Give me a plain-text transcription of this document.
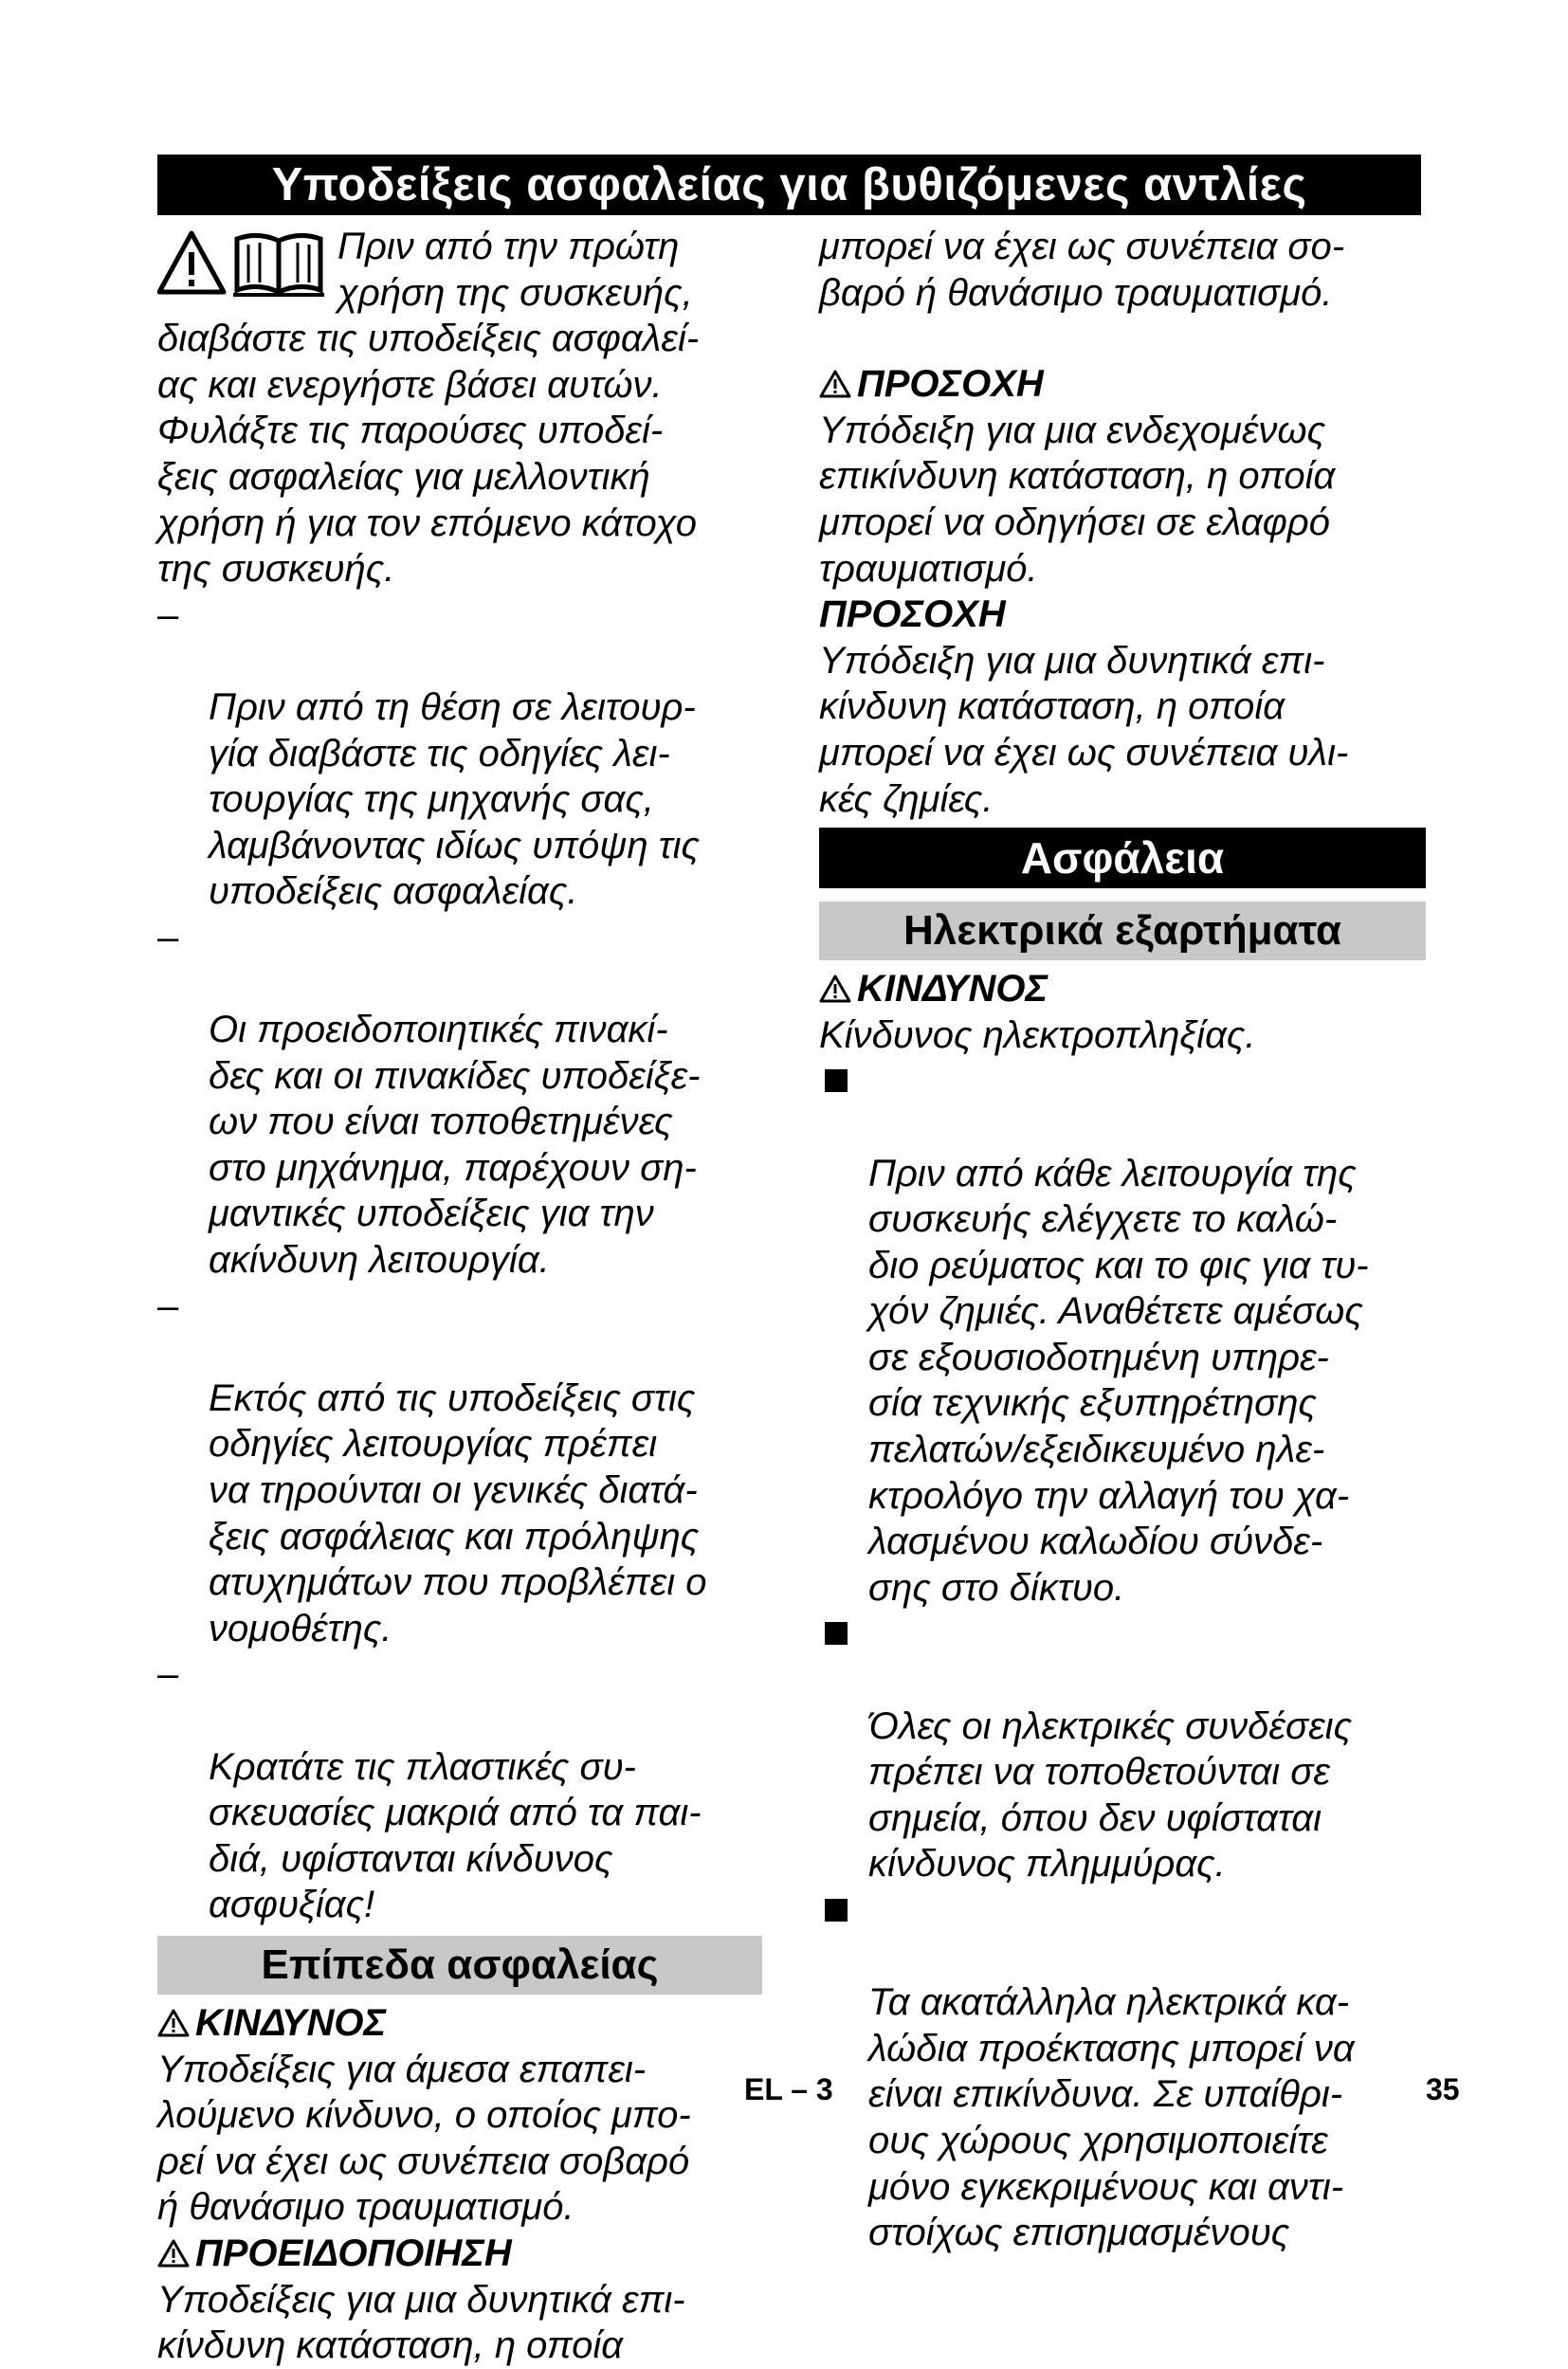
Υποδείξεις ασφαλείας για βυθιζόμενες αντλίες

Πριν από την πρώτη
χρήση της συσκευής,

διαβάστε τις υποδείξεις ασφαλεί-
ας και ενεργήστε βάσει αυτών.
Φυλάξτε τις παρούσες υποδεί-
ξεις ασφαλείας για μελλοντική
χρήση ή για τον επόμενο κάτοχο
της συσκευής.

–

Πριν από τη θέση σε λειτουρ-
γία διαβάστε τις οδηγίες λει-
τουργίας της μηχανής σας,
λαμβάνοντας ιδίως υπόψη τις
υποδείξεις ασφαλείας.

–

Οι προειδοποιητικές πινακί-
δες και οι πινακίδες υποδείξε-
ων που είναι τοποθετημένες
στο μηχάνημα, παρέχουν ση-
μαντικές υποδείξεις για την
ακίνδυνη λειτουργία.

–

Εκτός από τις υποδείξεις στις
οδηγίες λειτουργίας πρέπει
να τηρούνται οι γενικές διατά-
ξεις ασφάλειας και πρόληψης
ατυχημάτων που προβλέπει ο
νομοθέτης.

–

Κρατάτε τις πλαστικές συ-
σκευασίες μακριά από τα παι-
διά, υφίστανται κίνδυνος
ασφυξίας!

Επίπεδα ασφαλείας

ΚΙΝΔΥΝΟΣ

Υποδείξεις για άμεσα επαπει-
λούμενο κίνδυνο, ο οποίος μπο-
ρεί να έχει ως συνέπεια σοβαρό
ή θανάσιμο τραυματισμό.

ΠΡΟΕΙΔΟΠΟΙΗΣΗ

Υποδείξεις για μια δυνητικά επι-
κίνδυνη κατάσταση, η οποία

μπορεί να έχει ως συνέπεια σο-
βαρό ή θανάσιμο τραυματισμό.

ΠΡΟΣΟΧΗ

Υπόδειξη για μια ενδεχομένως
επικίνδυνη κατάσταση, η οποία
μπορεί να οδηγήσει σε ελαφρό
τραυματισμό.

ΠΡΟΣΟΧΗ

Υπόδειξη για μια δυνητικά επι-
κίνδυνη κατάσταση, η οποία
μπορεί να έχει ως συνέπεια υλι-
κές ζημίες.

Ασφάλεια
Ηλεκτρικά εξαρτήματα

ΚΙΝΔΥΝΟΣ

Κίνδυνος ηλεκτροπληξίας.

Πριν από κάθε λειτουργία της
συσκευής ελέγχετε το καλώ-
διο ρεύματος και το φις για τυ-
χόν ζημιές. Αναθέτετε αμέσως
σε εξουσιοδοτημένη υπηρε-
σία τεχνικής εξυπηρέτησης
πελατών/εξειδικευμένο ηλε-
κτρολόγο την αλλαγή του χα-
λασμένου καλωδίου σύνδε-
σης στο δίκτυο.

Όλες οι ηλεκτρικές συνδέσεις
πρέπει να τοποθετούνται σε
σημεία, όπου δεν υφίσταται
κίνδυνος πλημμύρας.

Τα ακατάλληλα ηλεκτρικά κα-
λώδια προέκτασης μπορεί να
είναι επικίνδυνα. Σε υπαίθρι-
ους χώρους χρησιμοποιείτε
μόνο εγκεκριμένους και αντι-
στοίχως επισημασμένους

EL – 3	35
